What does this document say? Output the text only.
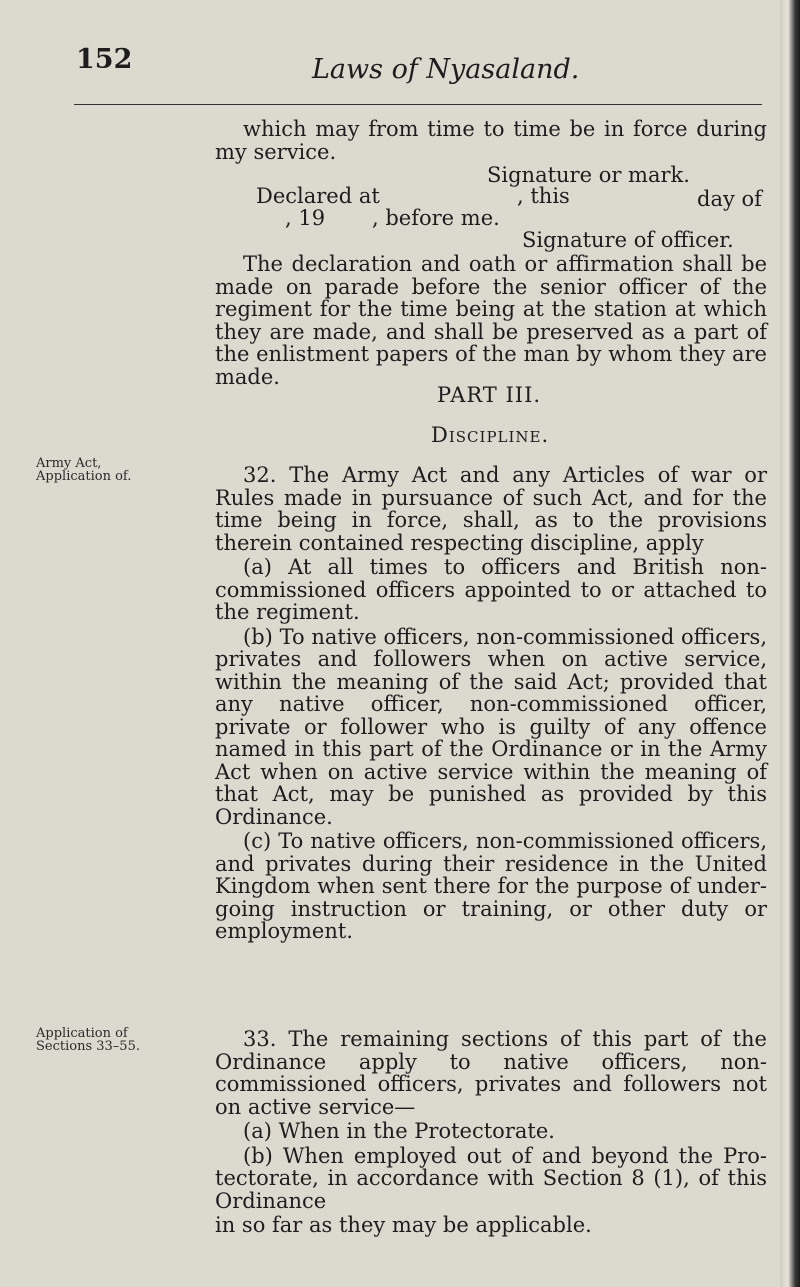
152	Laws of Nyasaland.

which may from time to time be in force during my service.

Signature or mark.
Declared at	, this	day of
, 19 , before me.
Signature of officer.

The declaration and oath or affirmation shall be made on parade before the senior officer of the regiment for the time being at the station at which they are made, and shall be preserved as a part of the enlistment papers of the man by whom they are made.

PART III.
Discipline.
Army Act,
Application of.
Application of
Sections 33–55.

32. The Army Act and any Articles of war or Rules made in pursuance of such Act, and for the time being in force, shall, as to the provisions therein contained respecting discipline, apply

(a) At all times to officers and British non-commissioned officers appointed to or attached to the regiment.

(b) To native officers, non-commissioned officers, privates and followers when on active service, within the meaning of the said Act; provided that any native officer, non-commissioned officer, private or follower who is guilty of any offence named in this part of the Ordinance or in the Army Act when on active service within the meaning of that Act, may be punished as provided by this Ordinance.

(c) To native officers, non-commissioned officers, and privates during their residence in the United Kingdom when sent there for the purpose of undergoing instruction or training, or other duty or employment.

33. The remaining sections of this part of the Ordinance apply to native officers, non-commissioned officers, privates and followers not on active service—

(a) When in the Protectorate.

(b) When employed out of and beyond the Protectorate, in accordance with Section 8 (1), of this Ordinance

in so far as they may be applicable.
